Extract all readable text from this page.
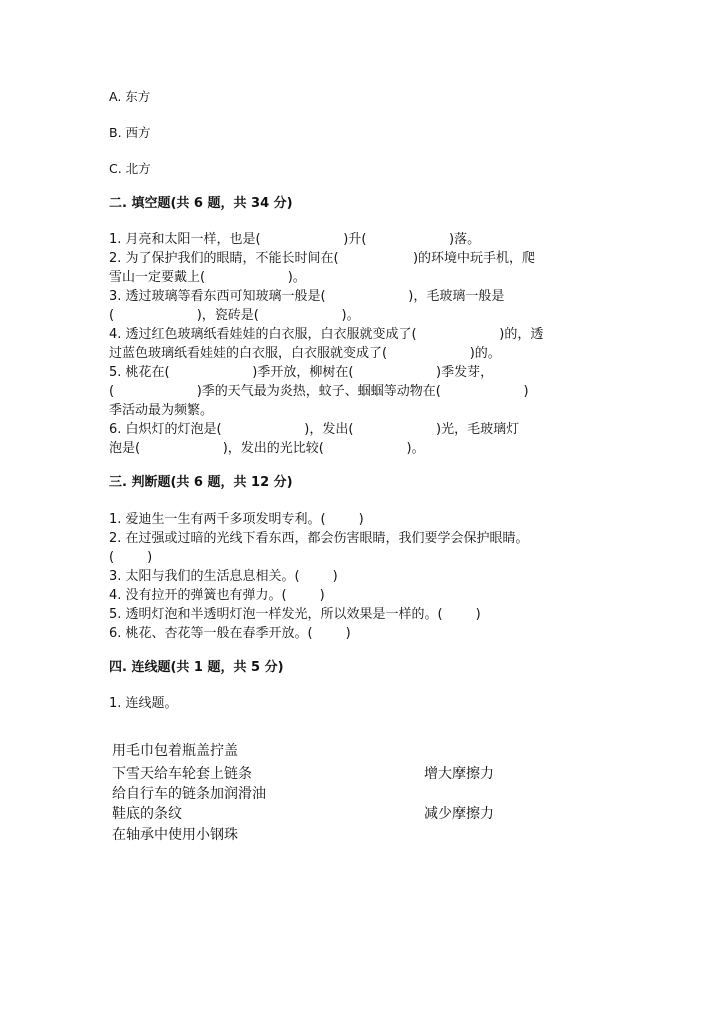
A. 东方
B. 西方
C. 北方
二. 填空题(共 6 题，共 34 分)
1. 月亮和太阳一样，也是(                    )升(                    )落。
2. 为了保护我们的眼睛，不能长时间在(                  )的环境中玩手机，爬
雪山一定要戴上(                    )。
3. 透过玻璃等看东西可知玻璃一般是(                    )，毛玻璃一般是
(                    )，瓷砖是(                    )。
4. 透过红色玻璃纸看娃娃的白衣服，白衣服就变成了(                    )的，透
过蓝色玻璃纸看娃娃的白衣服，白衣服就变成了(                    )的。
5. 桃花在(                    )季开放，柳树在(                    )季发芽，
(                    )季的天气最为炎热，蚊子、蝈蝈等动物在(                    )
季活动最为频繁。
6. 白炽灯的灯泡是(                    )，发出(                    )光，毛玻璃灯
泡是(                    )，发出的光比较(                    )。
三. 判断题(共 6 题，共 12 分)
1. 爱迪生一生有两千多项发明专利。(        )
2. 在过强或过暗的光线下看东西，都会伤害眼睛，我们要学会保护眼睛。
(        )
3. 太阳与我们的生活息息相关。(        )
4. 没有拉开的弹簧也有弹力。(        )
5. 透明灯泡和半透明灯泡一样发光，所以效果是一样的。(        )
6. 桃花、杏花等一般在春季开放。(        )
四. 连线题(共 1 题，共 5 分)
1. 连线题。
用毛巾包着瓶盖拧盖
下雪天给车轮套上链条
给自行车的链条加润滑油
鞋底的条纹
在轴承中使用小钢珠
增大摩擦力
减少摩擦力
